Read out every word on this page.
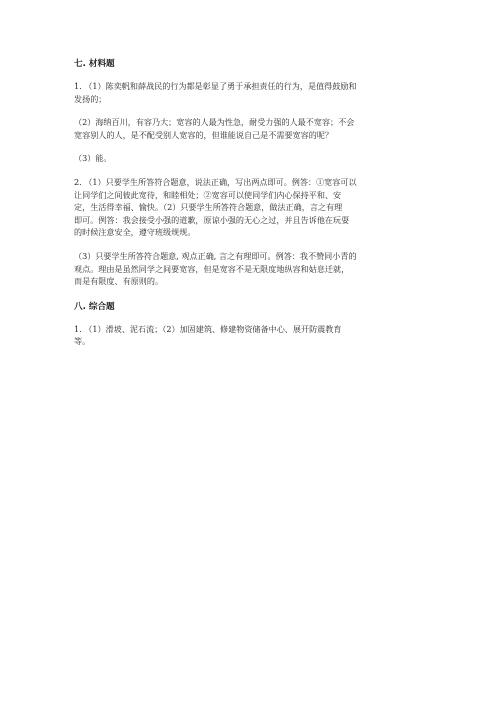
七. 材料题
1. （1）陈奕帆和薛战民的行为都是彰显了勇于承担责任的行为，是值得鼓励和
发扬的；
（2）海纳百川，有容乃大；宽容的人最为性急，耐受力强的人最不宽容；不会
宽容别人的人，是不配受别人宽容的，但谁能说自己是不需要宽容的呢？
（3）能。
2. （1）只要学生所答符合题意，说法正确，写出两点即可。例答：①宽容可以
让同学们之间彼此宽待，和睦相处；②宽容可以使同学们内心保持平和、安
定，生活得幸福、愉快。（2）只要学生所答符合题意，做法正确，言之有理
即可。例答：我会接受小强的道歉，原谅小强的无心之过，并且告诉他在玩耍
的时候注意安全，遵守班级规规。
（3）只要学生所答符合题意, 观点正确, 言之有理即可。例答：我不赞同小青的
观点。理由是虽然同学之间要宽容，但是宽容不是无限度地纵容和姑息迁就，
而是有限度、有原则的。
八. 综合题
1. （1）滑坡、泥石流；（2）加固建筑、修建物资储备中心、展开防震教育
等。
